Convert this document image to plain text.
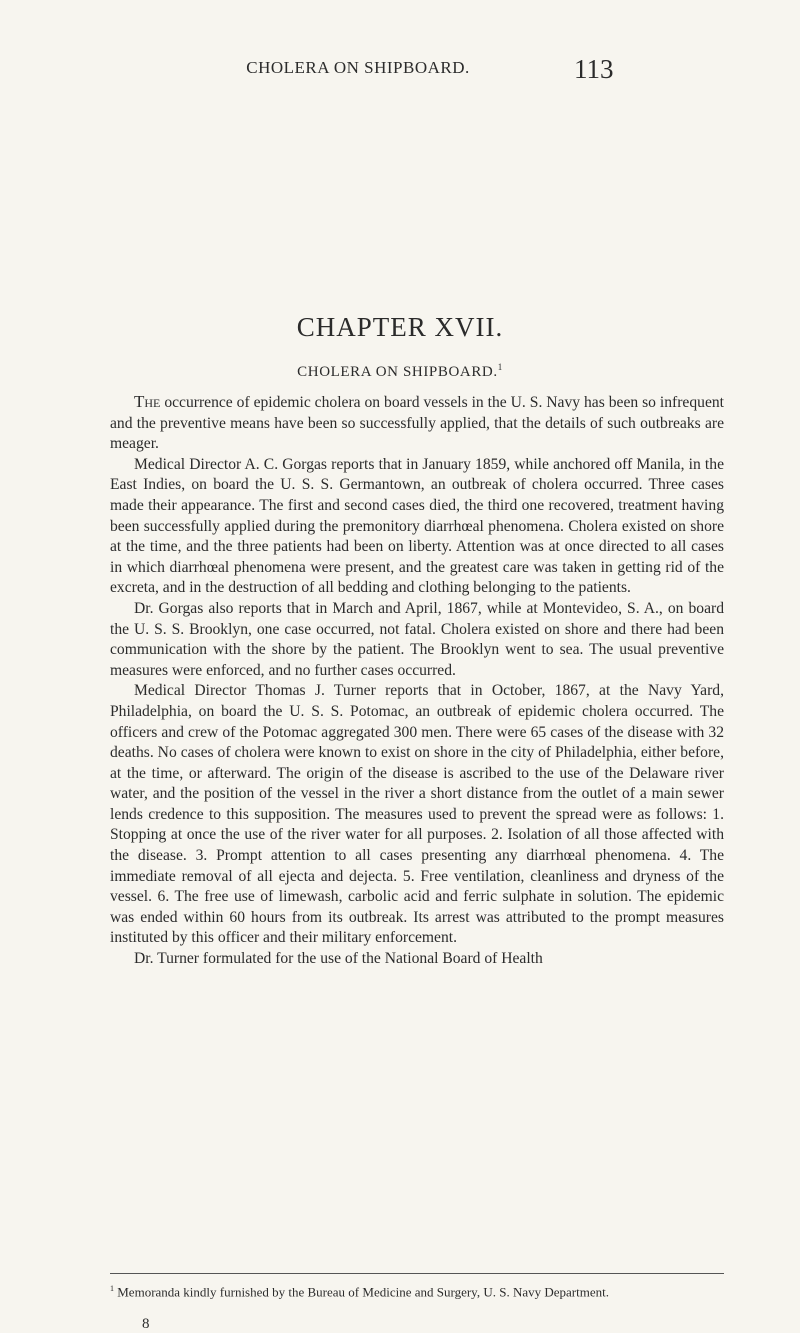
CHOLERA ON SHIPBOARD.	113
CHAPTER XVII.
CHOLERA ON SHIPBOARD.$^1$

The occurrence of epidemic cholera on board vessels in the U. S. Navy has been so infrequent and the preventive means have been so successfully applied, that the details of such outbreaks are meager.

Medical Director A. C. Gorgas reports that in January 1859, while anchored off Manila, in the East Indies, on board the U. S. S. Germantown, an outbreak of cholera occurred. Three cases made their appearance. The first and second cases died, the third one recovered, treatment having been successfully applied during the premonitory diarrhœal phenomena. Cholera existed on shore at the time, and the three patients had been on liberty. Attention was at once directed to all cases in which diarrhœal phenomena were present, and the greatest care was taken in getting rid of the excreta, and in the destruction of all bedding and clothing belonging to the patients.

Dr. Gorgas also reports that in March and April, 1867, while at Montevideo, S. A., on board the U. S. S. Brooklyn, one case occurred, not fatal. Cholera existed on shore and there had been communication with the shore by the patient. The Brooklyn went to sea. The usual preventive measures were enforced, and no further cases occurred.

Medical Director Thomas J. Turner reports that in October, 1867, at the Navy Yard, Philadelphia, on board the U. S. S. Potomac, an outbreak of epidemic cholera occurred. The officers and crew of the Potomac aggregated 300 men. There were 65 cases of the disease with 32 deaths. No cases of cholera were known to exist on shore in the city of Philadelphia, either before, at the time, or afterward. The origin of the disease is ascribed to the use of the Delaware river water, and the position of the vessel in the river a short distance from the outlet of a main sewer lends credence to this supposition. The measures used to prevent the spread were as follows: 1. Stopping at once the use of the river water for all purposes. 2. Isolation of all those affected with the disease. 3. Prompt attention to all cases presenting any diarrhœal phenomena. 4. The immediate removal of all ejecta and dejecta. 5. Free ventilation, cleanliness and dryness of the vessel. 6. The free use of limewash, carbolic acid and ferric sulphate in solution. The epidemic was ended within 60 hours from its outbreak. Its arrest was attributed to the prompt measures instituted by this officer and their military enforcement.

Dr. Turner formulated for the use of the National Board of Health

$^1$ Memoranda kindly furnished by the Bureau of Medicine and Surgery, U. S. Navy Department.
8
